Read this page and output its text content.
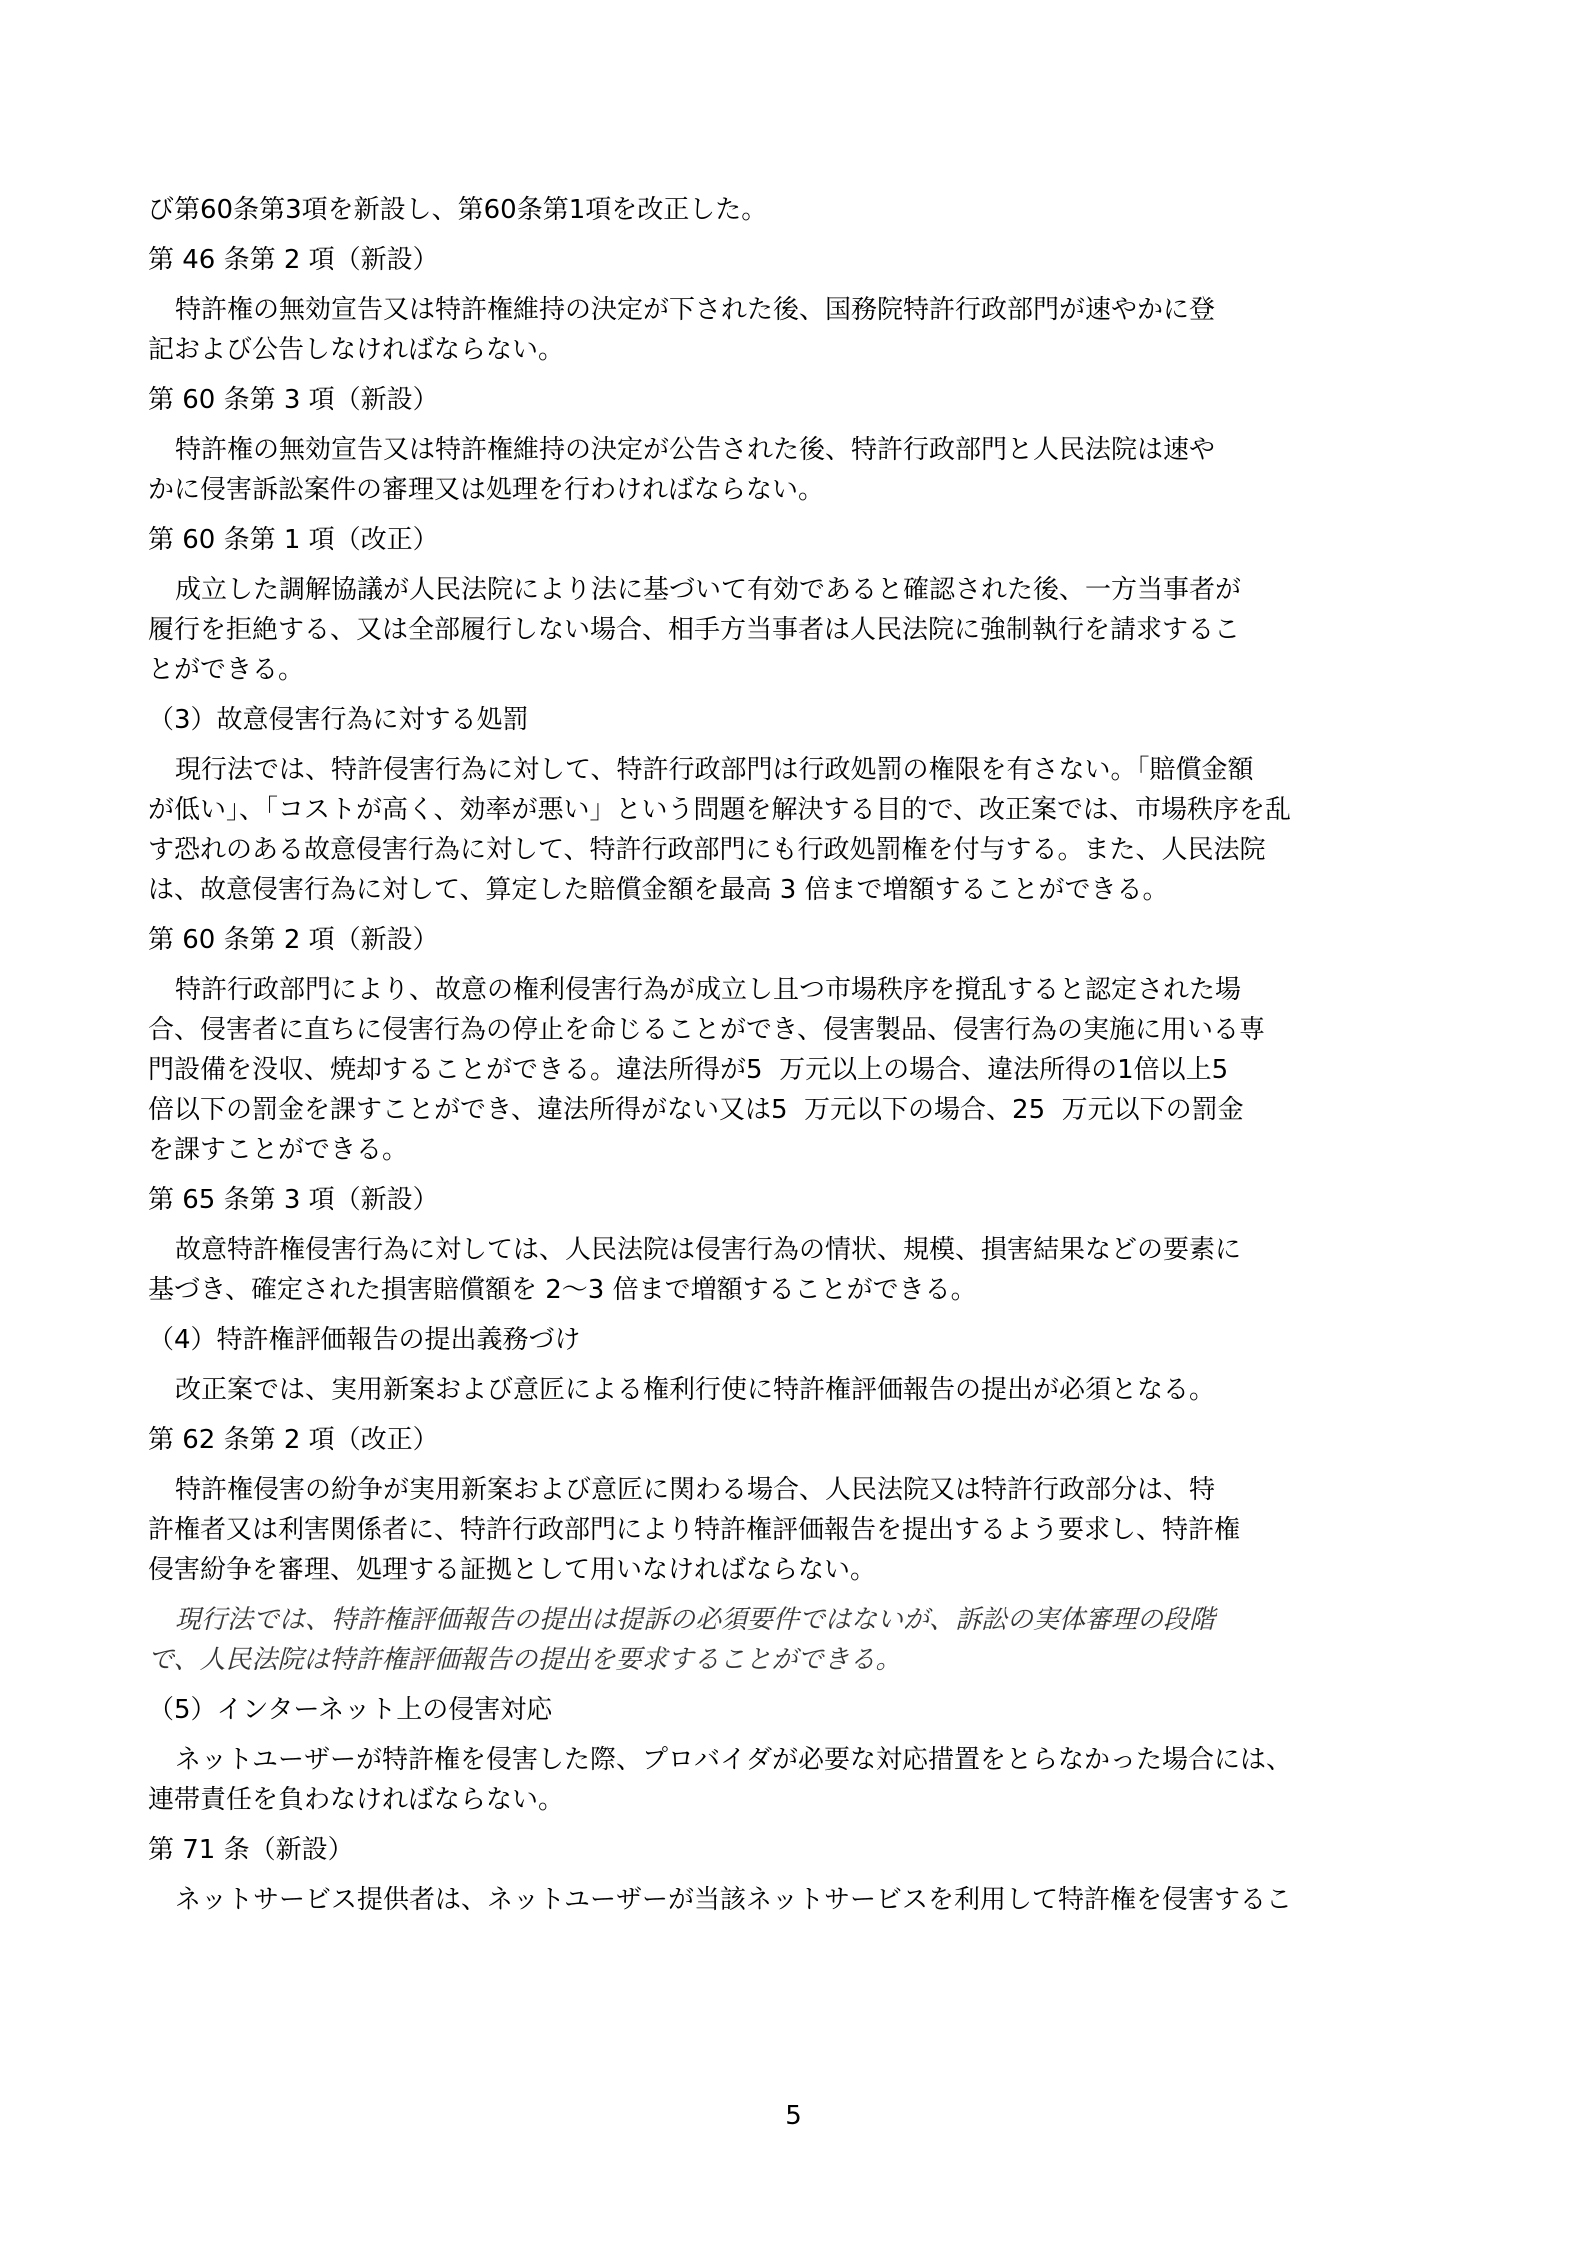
び第60条第3項を新設し、第60条第1項を改正した。

第 46 条第 2 項（新設）

特許権の無効宣告又は特許権維持の決定が下された後、国務院特許行政部門が速やかに登

記および公告しなければならない。

第 60 条第 3 項（新設）

特許権の無効宣告又は特許権維持の決定が公告された後、特許行政部門と人民法院は速や

かに侵害訴訟案件の審理又は処理を行わければならない。

第 60 条第 1 項（改正）

成立した調解協議が人民法院により法に基づいて有効であると確認された後、一方当事者が

履行を拒絶する、又は全部履行しない場合、相手方当事者は人民法院に強制執行を請求するこ

とができる。

（3）故意侵害行為に対する処罰

現行法では、特許侵害行為に対して、特許行政部門は行政処罰の権限を有さない。「賠償金額

が低い」、「コストが高く、効率が悪い」という問題を解決する目的で、改正案では、市場秩序を乱

す恐れのある故意侵害行為に対して、特許行政部門にも行政処罰権を付与する。また、人民法院

は、故意侵害行為に対して、算定した賠償金額を最高 3 倍まで増額することができる。

第 60 条第 2 項（新設）

特許行政部門により、故意の権利侵害行為が成立し且つ市場秩序を撹乱すると認定された場

合、侵害者に直ちに侵害行為の停止を命じることができ、侵害製品、侵害行為の実施に用いる専

門設備を没収、焼却することができる。違法所得が5  万元以上の場合、違法所得の1倍以上5

倍以下の罰金を課すことができ、違法所得がない又は5  万元以下の場合、25  万元以下の罰金

を課すことができる。

第 65 条第 3 項（新設）

故意特許権侵害行為に対しては、人民法院は侵害行為の情状、規模、損害結果などの要素に

基づき、確定された損害賠償額を 2～3 倍まで増額することができる。

（4）特許権評価報告の提出義務づけ

改正案では、実用新案および意匠による権利行使に特許権評価報告の提出が必須となる。

第 62 条第 2 項（改正）

特許権侵害の紛争が実用新案および意匠に関わる場合、人民法院又は特許行政部分は、特

許権者又は利害関係者に、特許行政部門により特許権評価報告を提出するよう要求し、特許権

侵害紛争を審理、処理する証拠として用いなければならない。

現行法では、特許権評価報告の提出は提訴の必須要件ではないが、訴訟の実体審理の段階

で、人民法院は特許権評価報告の提出を要求することができる。

（5）インターネット上の侵害対応

ネットユーザーが特許権を侵害した際、プロバイダが必要な対応措置をとらなかった場合には、

連帯責任を負わなければならない。

第 71 条（新設）

ネットサービス提供者は、ネットユーザーが当該ネットサービスを利用して特許権を侵害するこ

5
